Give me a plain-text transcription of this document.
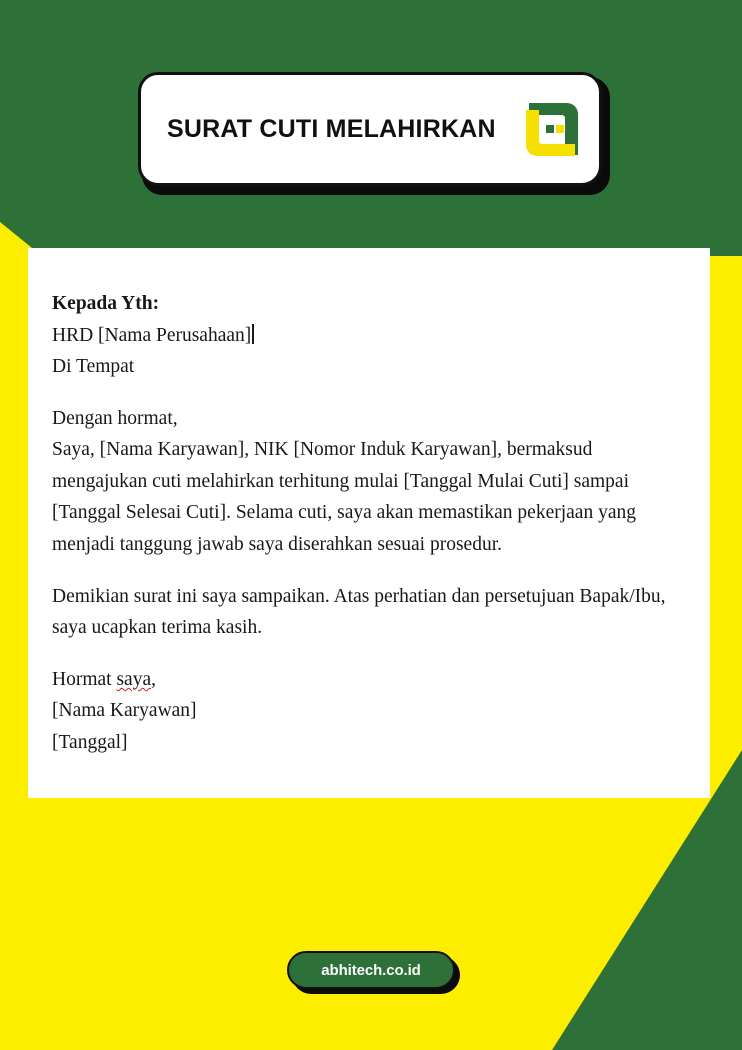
SURAT CUTI MELAHIRKAN

Kepada Yth:
HRD [Nama Perusahaan]
Di Tempat

Dengan hormat,
Saya, [Nama Karyawan], NIK [Nomor Induk Karyawan], bermaksud mengajukan cuti melahirkan terhitung mulai [Tanggal Mulai Cuti] sampai [Tanggal Selesai Cuti]. Selama cuti, saya akan memastikan pekerjaan yang menjadi tanggung jawab saya diserahkan sesuai prosedur.

Demikian surat ini saya sampaikan. Atas perhatian dan persetujuan Bapak/Ibu, saya ucapkan terima kasih.

Hormat saya,
[Nama Karyawan]
[Tanggal]

abhitech.co.id
